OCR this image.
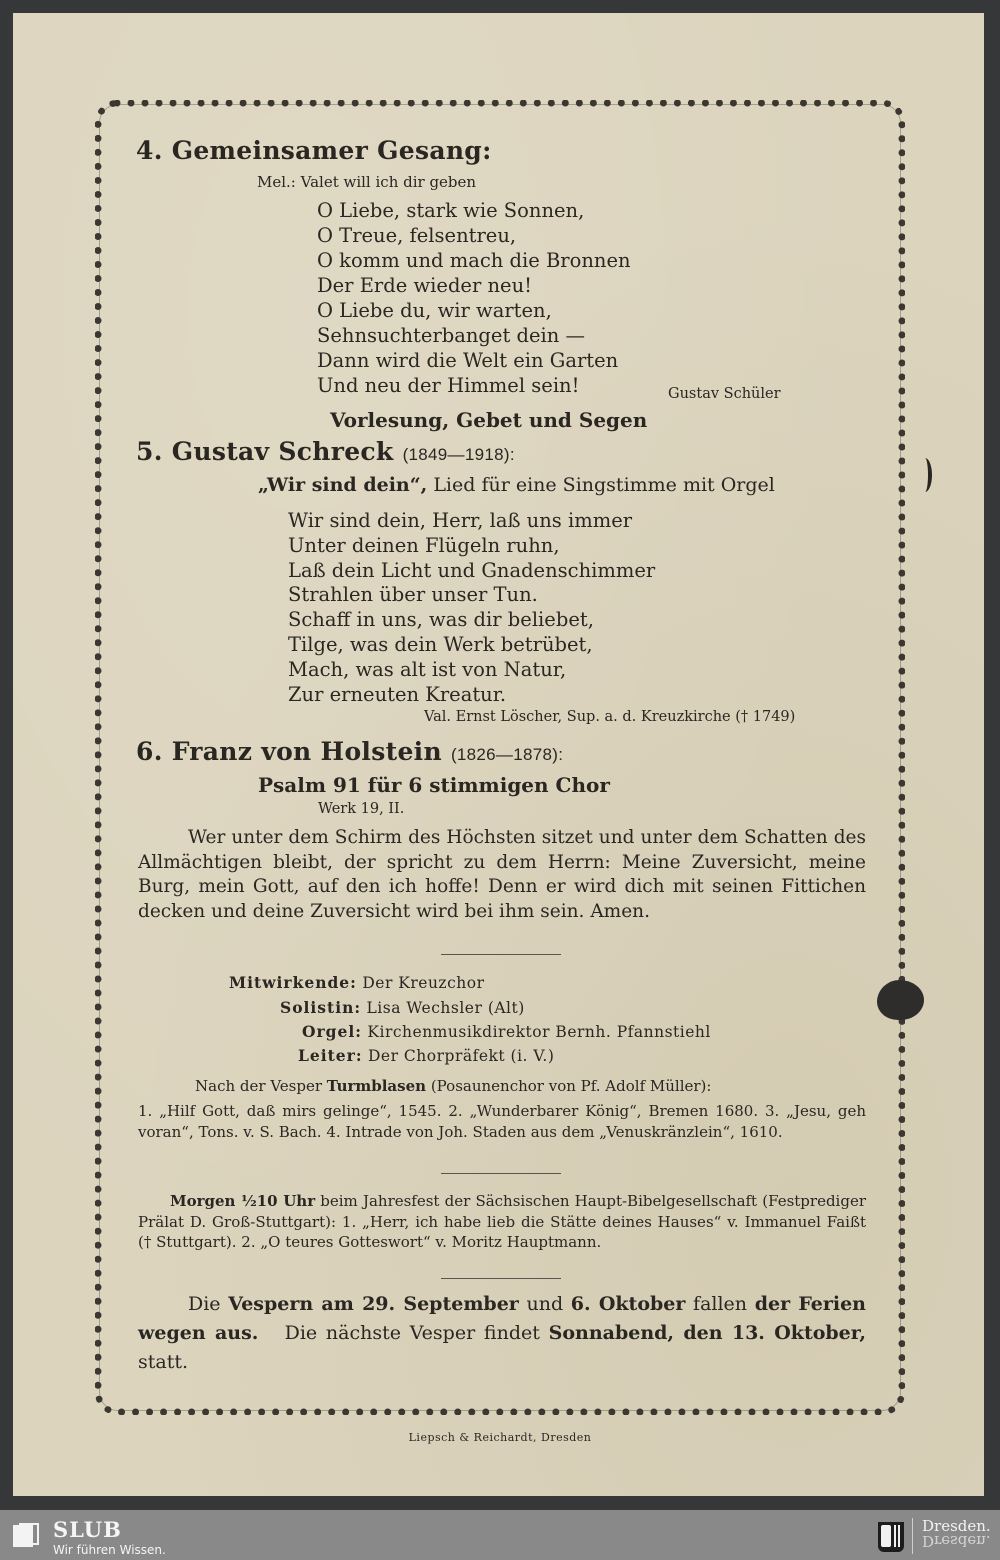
4. Gemeinsamer Gesang:
Mel.: Valet will ich dir geben
O Liebe, stark wie Sonnen,
O Treue, felsentreu,
O komm und mach die Bronnen
Der Erde wieder neu!
O Liebe du, wir warten,
Sehnsuchterbanget dein —
Dann wird die Welt ein Garten
Und neu der Himmel sein!	Gustav Schüler
Vorlesung, Gebet und Segen
5. Gustav Schreck (1849—1918):
„Wir sind dein“, Lied für eine Singstimme mit Orgel
Wir sind dein, Herr, laß uns immer
Unter deinen Flügeln ruhn,
Laß dein Licht und Gnadenschimmer
Strahlen über unser Tun.
Schaff in uns, was dir beliebet,
Tilge, was dein Werk betrübet,
Mach, was alt ist von Natur,
Zur erneuten Kreatur.
Val. Ernst Löscher, Sup. a. d. Kreuzkirche († 1749)
6. Franz von Holstein (1826—1878):
Psalm 91 für 6 stimmigen Chor
Werk 19, II.
Wer unter dem Schirm des Höchsten sitzet und unter dem Schatten des Allmächtigen bleibt, der spricht zu dem Herrn: Meine Zuversicht, meine Burg, mein Gott, auf den ich hoffe! Denn er wird dich mit seinen Fittichen decken und deine Zuversicht wird bei ihm sein. Amen.
Mitwirkende: Der Kreuzchor
Solistin: Lisa Wechsler (Alt)
Orgel: Kirchenmusikdirektor Bernh. Pfannstiehl
Leiter: Der Chorpräfekt (i. V.)
Nach der Vesper Turmblasen (Posaunenchor von Pf. Adolf Müller):
1. „Hilf Gott, daß mirs gelinge“, 1545. 2. „Wunderbarer König“, Bremen 1680. 3. „Jesu, geh voran“, Tons. v. S. Bach. 4. Intrade von Joh. Staden aus dem „Venuskränzlein“, 1610.
Morgen ½10 Uhr beim Jahresfest der Sächsischen Haupt-Bibelgesellschaft (Festprediger Prälat D. Groß-Stuttgart): 1. „Herr, ich habe lieb die Stätte deines Hauses“ v. Immanuel Faißt († Stuttgart). 2. „O teures Gotteswort“ v. Moritz Hauptmann.
Die Vespern am 29. September und 6. Oktober fallen der Ferien wegen aus. Die nächste Vesper findet Sonnabend, den 13. Oktober, statt.
Liepsch & Reichardt, Dresden
SLUB
Wir führen Wissen.
Dresden.
Dresden.
